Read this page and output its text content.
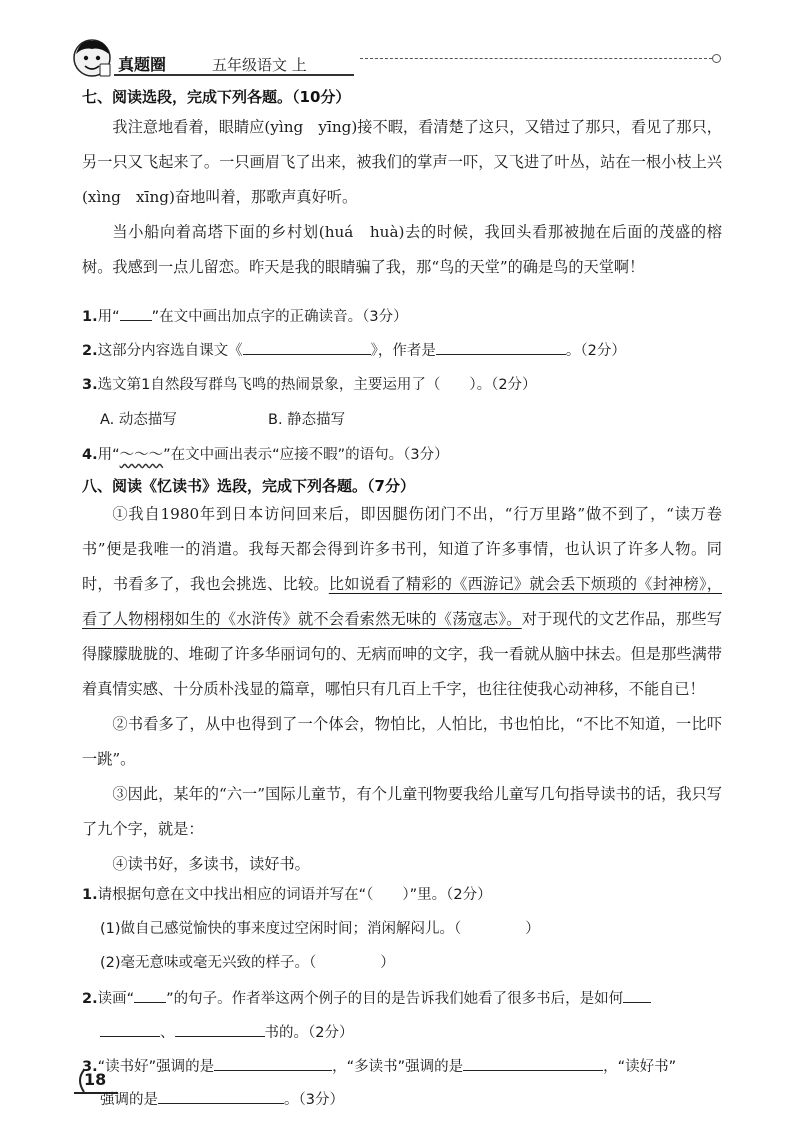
真题圈	五年级语文 上
七、阅读选段，完成下列各题。（10分）

我注意地看着，眼睛应(yìng　yīng)接不暇，看清楚了这只，又错过了那只，看见了那只，另一只又飞起来了。一只画眉飞了出来，被我们的掌声一吓，又飞进了叶丛，站在一根小枝上兴(xìng　xīng)奋地叫着，那歌声真好听。

当小船向着高塔下面的乡村划(huá　huà)去的时候，我回头看那被抛在后面的茂盛的榕树。我感到一点儿留恋。昨天是我的眼睛骗了我，那“鸟的天堂”的确是鸟的天堂啊！

1.用“ ”在文中画出加点字的正确读音。（3分）
2.这部分内容选自课文《	》，作者是	。（2分）
3.选文第1自然段写群鸟飞鸣的热闹景象，主要运用了（　　）。（2分）
A. 动态描写	B. 静态描写
4.用“～～～”在文中画出表示“应接不暇”的语句。（3分）
八、阅读《忆读书》选段，完成下列各题。（7分）

①我自1980年到日本访问回来后，即因腿伤闭门不出，“行万里路”做不到了，“读万卷书”便是我唯一的消遣。我每天都会得到许多书刊，知道了许多事情，也认识了许多人物。同时，书看多了，我也会挑选、比较。比如说看了精彩的《西游记》就会丢下烦琐的《封神榜》，看了人物栩栩如生的《水浒传》就不会看索然无味的《荡寇志》。对于现代的文艺作品，那些写得朦朦胧胧的、堆砌了许多华丽词句的、无病而呻的文字，我一看就从脑中抹去。但是那些满带着真情实感、十分质朴浅显的篇章，哪怕只有几百上千字，也往往使我心动神移，不能自已！

②书看多了，从中也得到了一个体会，物怕比，人怕比，书也怕比，“不比不知道，一比吓一跳”。

③因此，某年的“六一”国际儿童节，有个儿童刊物要我给儿童写几句指导读书的话，我只写了九个字，就是：

④读书好，多读书，读好书。

1.请根据句意在文中找出相应的词语并写在“（　　）”里。（2分）
(1)做自己感觉愉快的事来度过空闲时间；消闲解闷儿。（	）
(2)毫无意味或毫无兴致的样子。（	）
2.读画“ ”的句子。作者举这两个例子的目的是告诉我们她看了很多书后，是如何
、	书的。（2分）
3.“读书好”强调的是	，“多读书”强调的是	，“读好书”
强调的是	。（3分）
18
